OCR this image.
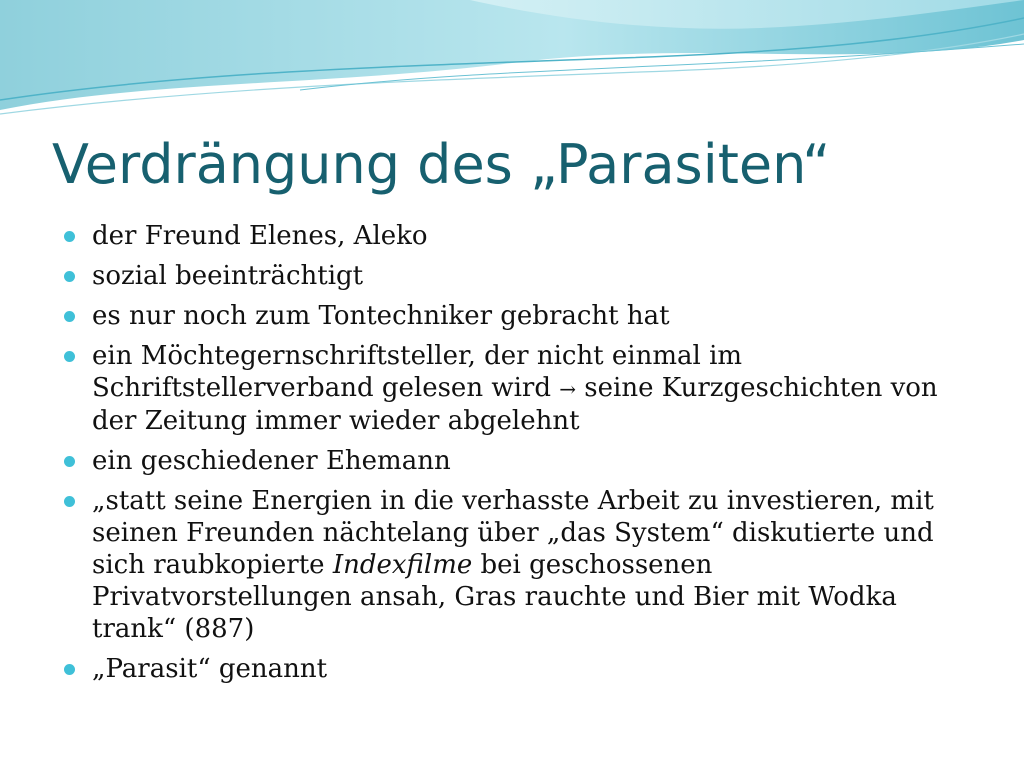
Verdrängung des „Parasiten“
der Freund Elenes, Aleko
sozial beeinträchtigt
es nur noch zum Tontechniker gebracht hat
ein Möchtegernschriftsteller, der nicht einmal im Schriftstellerverband gelesen wird → seine Kurzgeschichten von der Zeitung immer wieder abgelehnt
ein geschiedener Ehemann
„statt seine Energien in die verhasste Arbeit zu investieren, mit seinen Freunden nächtelang über „das System“ diskutierte und sich raubkopierte Indexfilme bei geschossenen Privatvorstellungen ansah, Gras rauchte und Bier mit Wodka trank“ (887)
„Parasit“ genannt
